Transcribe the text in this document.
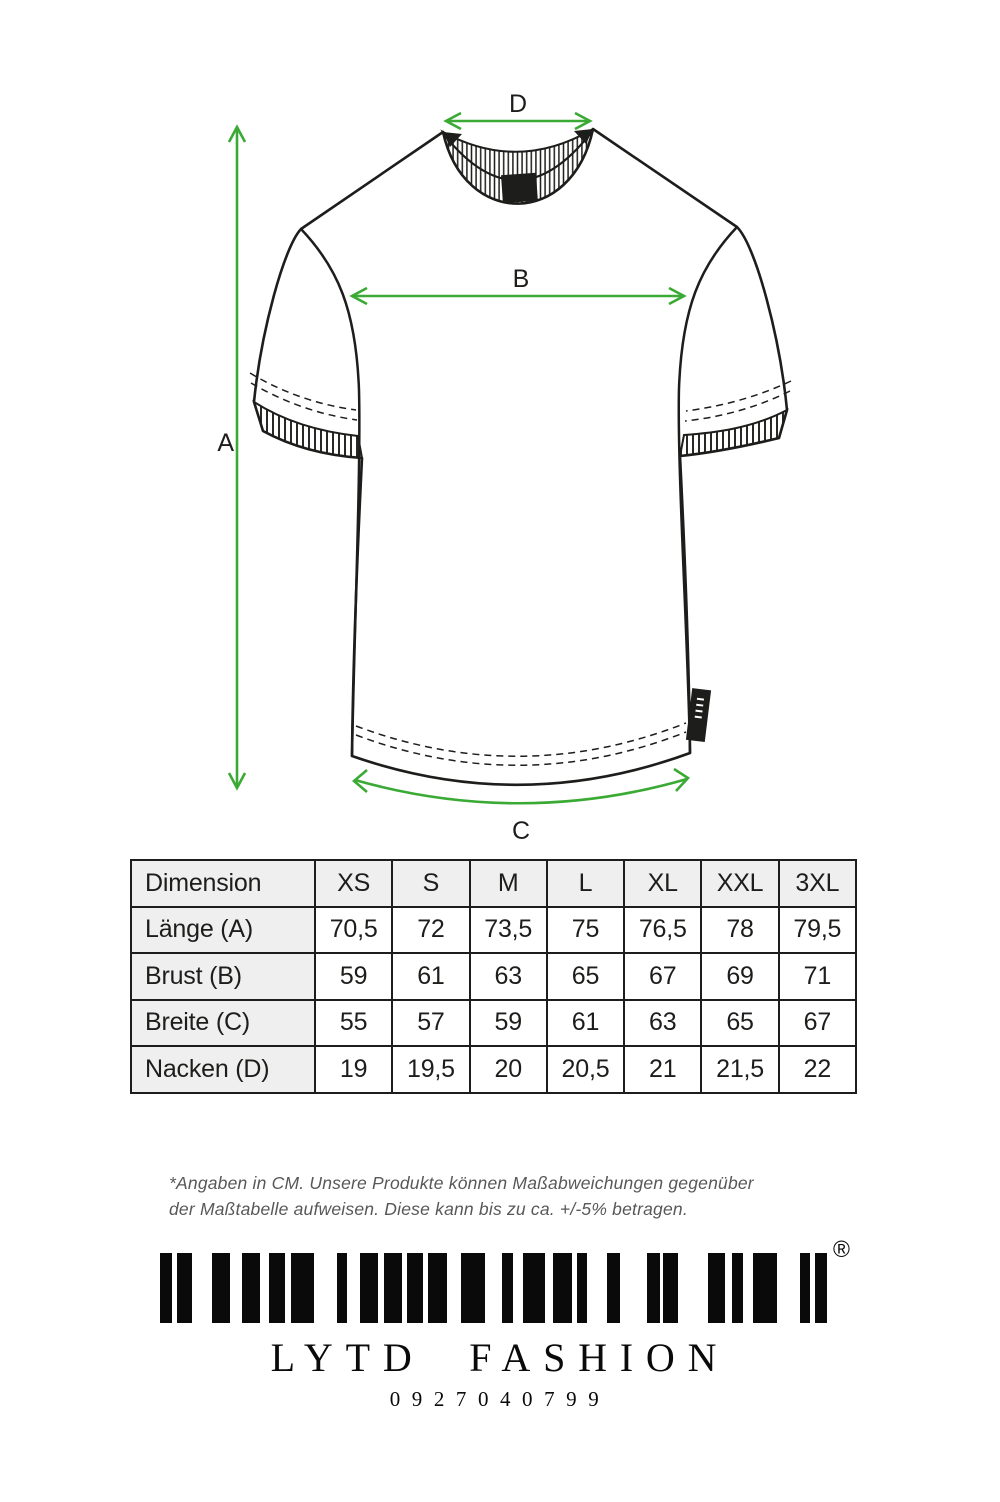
A
B
C
D
Dimension	XS	S	M	L	XL	XXL	3XL
Länge (A)	70,5	72	73,5	75	76,5	78	79,5
Brust (B)	59	61	63	65	67	69	71
Breite (C)	55	57	59	61	63	65	67
Nacken (D)	19	19,5	20	20,5	21	21,5	22
*Angaben in CM. Unsere Produkte können Maßabweichungen gegenüber
der Maßtabelle aufweisen. Diese kann bis zu ca. +/-5% betragen.
®
LYTD FASHION
0927040799
